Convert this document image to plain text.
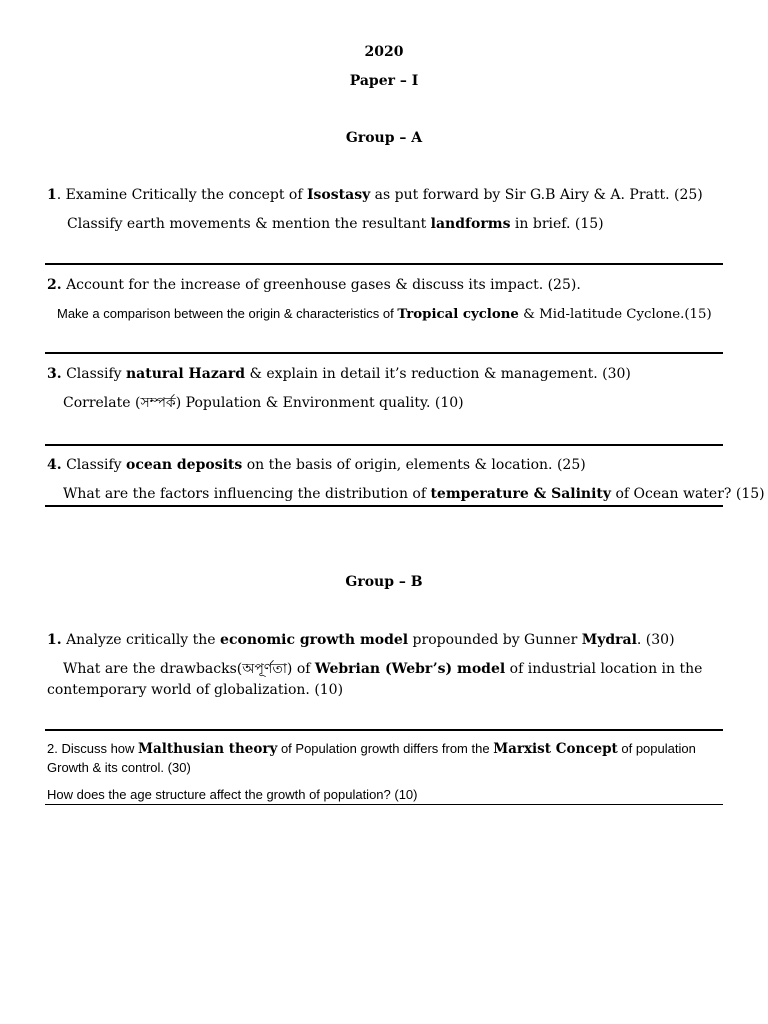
2020
Paper – I
Group – A
1. Examine Critically the concept of Isostasy as put forward by Sir G.B Airy & A. Pratt. (25)
Classify earth movements & mention the resultant landforms in brief. (15)
2. Account for the increase of greenhouse gases & discuss its impact. (25).
Make a comparison between the origin & characteristics of Tropical cyclone & Mid-latitude Cyclone.(15)
3. Classify natural Hazard & explain in detail it’s reduction & management. (30)
Correlate (সম্পর্ক) Population & Environment quality. (10)
4. Classify ocean deposits on the basis of origin, elements & location. (25)
What are the factors influencing the distribution of temperature & Salinity of Ocean water? (15)
Group – B
1. Analyze critically the economic growth model propounded by Gunner Mydral. (30)
What are the drawbacks(অপূর্ণতা) of Webrian (Webr’s) model of industrial location in the
contemporary world of globalization. (10)
2. Discuss how Malthusian theory of Population growth differs from the Marxist Concept of population
Growth & its control. (30)
How does the age structure affect the growth of population? (10)
